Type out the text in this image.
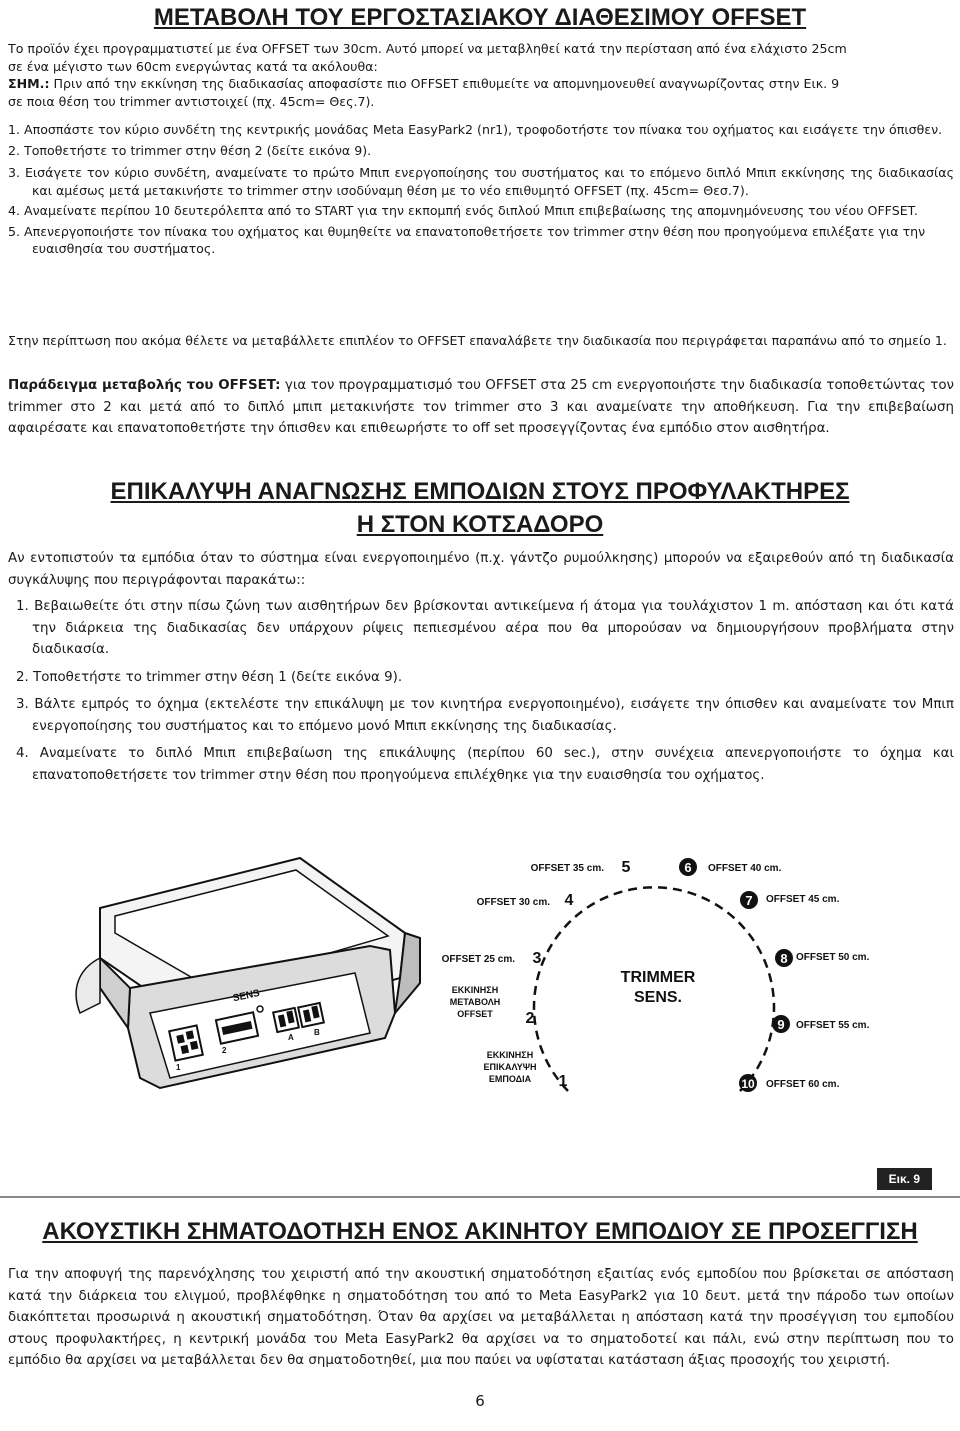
ΜΕΤΑΒΟΛΗ ΤΟΥ ΕΡΓΟΣΤΑΣΙΑΚΟΥ ΔΙΑΘΕΣΙΜΟΥ OFFSET
Το προϊόν έχει προγραμματιστεί με ένα OFFSET των 30cm. Αυτό μπορεί να μεταβληθεί κατά την περίσταση από ένα ελάχιστο 25cm
σε ένα μέγιστο των 60cm ενεργώντας κατά τα ακόλουθα:
ΣΗΜ.: Πριν από την εκκίνηση της διαδικασίας αποφασίστε πιο OFFSET επιθυμείτε να απομνημονευθεί αναγνωρίζοντας στην Εικ. 9
σε ποια θέση του trimmer αντιστοιχεί (πχ. 45cm= Θες.7).
1. Αποσπάστε τον κύριο συνδέτη της κεντρικής μονάδας Meta EasyPark2 (nr1), τροφοδοτήστε τον πίνακα του οχήματος και εισάγετε την όπισθεν.
2. Τοποθετήστε το trimmer στην θέση 2 (δείτε εικόνα 9).
3. Εισάγετε τον κύριο συνδέτη, αναμείνατε το πρώτο Μπιπ ενεργοποίησης του συστήματος και το επόμενο διπλό Μπιπ εκκίνησης της διαδικασίας και αμέσως μετά μετακινήστε το trimmer στην ισοδύναμη θέση με το νέο επιθυμητό OFFSET (πχ. 45cm= Θεσ.7).
4. Αναμείνατε περίπου 10 δευτερόλεπτα από το START για την εκπομπή ενός διπλού Μπιπ επιβεβαίωσης της απομνημόνευσης του νέου OFFSET.
5. Απενεργοποιήστε τον πίνακα του οχήματος και θυμηθείτε να επανατοποθετήσετε τον trimmer στην θέση που προηγούμενα επιλέξατε για την ευαισθησία του συστήματος.
Στην περίπτωση που ακόμα θέλετε να μεταβάλλετε επιπλέον το OFFSET επαναλάβετε την διαδικασία που περιγράφεται παραπάνω από το σημείο 1.
Παράδειγμα μεταβολής του OFFSET: για τον προγραμματισμό του OFFSET στα 25 cm ενεργοποιήστε την διαδικασία τοποθετώντας τον trimmer στο 2 και μετά από το διπλό μπιπ μετακινήστε τον trimmer στο 3 και αναμείνατε την αποθήκευση. Για την επιβεβαίωση αφαιρέσατε και επανατοποθετήστε την όπισθεν και επιθεωρήστε το off set προσεγγίζοντας ένα εμπόδιο στον αισθητήρα.
ΕΠΙΚΑΛΥΨΗ ΑΝΑΓΝΩΣΗΣ ΕΜΠΟΔΙΩΝ ΣΤΟΥΣ ΠΡΟΦΥΛΑΚΤΗΡΕΣ
Η ΣΤΟΝ ΚΟΤΣΑΔΟΡΟ
Αν εντοπιστούν τα εμπόδια όταν το σύστημα είναι ενεργοποιημένο (π.χ. γάντζο ρυμούλκησης) μπορούν να εξαιρεθούν από τη διαδικασία συγκάλυψης που περιγράφονται παρακάτω::
1. Βεβαιωθείτε ότι στην πίσω ζώνη των αισθητήρων δεν βρίσκονται αντικείμενα ή άτομα για τουλάχιστον 1 m. απόσταση και ότι κατά την διάρκεια της διαδικασίας δεν υπάρχουν ρίψεις πεπιεσμένου αέρα που θα μπορούσαν να δημιουργήσουν προβλήματα στην διαδικασία.
2. Τοποθετήστε το trimmer στην θέση 1 (δείτε εικόνα 9).
3. Βάλτε εμπρός το όχημα (εκτελέστε την επικάλυψη με τον κινητήρα ενεργοποιημένο), εισάγετε την όπισθεν και αναμείνατε τον Μπιπ ενεργοποίησης του συστήματος και το επόμενο μονό Μπιπ εκκίνησης της διαδικασίας.
4. Αναμείνατε το διπλό Μπιπ επιβεβαίωση της επικάλυψης (περίπου 60 sec.), στην συνέχεια απενεργοποιήστε το όχημα και επανατοποθετήσετε τον trimmer στην θέση που προηγούμενα επιλέχθηκε για την ευαισθησία του οχήματος.
SENS
1
2
A
B
TRIMMER
SENS.
1
ΕΚΚΙΝΗΣΗ
ΕΠΙΚΑΛΥΨΗ
ΕΜΠΟΔΙΑ
2
ΕΚΚΙΝΗΣΗ
ΜΕΤΑΒΟΛΗ
OFFSET
3
OFFSET 25 cm.
4
OFFSET 30 cm.
5
OFFSET 35 cm.	6 OFFSET 40 cm.
7 OFFSET 45 cm.
8 OFFSET 50 cm.
9 OFFSET 55 cm.
10 OFFSET 60 cm.
Εικ. 9
ΑΚΟΥΣΤΙΚΗ ΣΗΜΑΤΟΔΟΤΗΣΗ ΕΝΟΣ ΑΚΙΝΗΤΟΥ ΕΜΠΟΔΙΟΥ ΣΕ ΠΡΟΣΕΓΓΙΣΗ
Για την αποφυγή της παρενόχλησης του χειριστή από την ακουστική σηματοδότηση εξαιτίας ενός εμποδίου που βρίσκεται σε απόσταση κατά την διάρκεια του ελιγμού, προβλέφθηκε η σηματοδότηση του από το Meta EasyPark2 για 10 δευτ. μετά την πάροδο των οποίων διακόπτεται προσωρινά η ακουστική σηματοδότηση. Όταν θα αρχίσει να μεταβάλλεται η απόσταση κατά την προσέγγιση του εμποδίου στους προφυλακτήρες, η κεντρική μονάδα του Meta EasyPark2 θα αρχίσει να το σηματοδοτεί και πάλι, ενώ στην περίπτωση που το εμπόδιο θα αρχίσει να μεταβάλλεται δεν θα σηματοδοτηθεί, μια που παύει να υφίσταται κατάσταση άξιας προσοχής του χειριστή.
6
